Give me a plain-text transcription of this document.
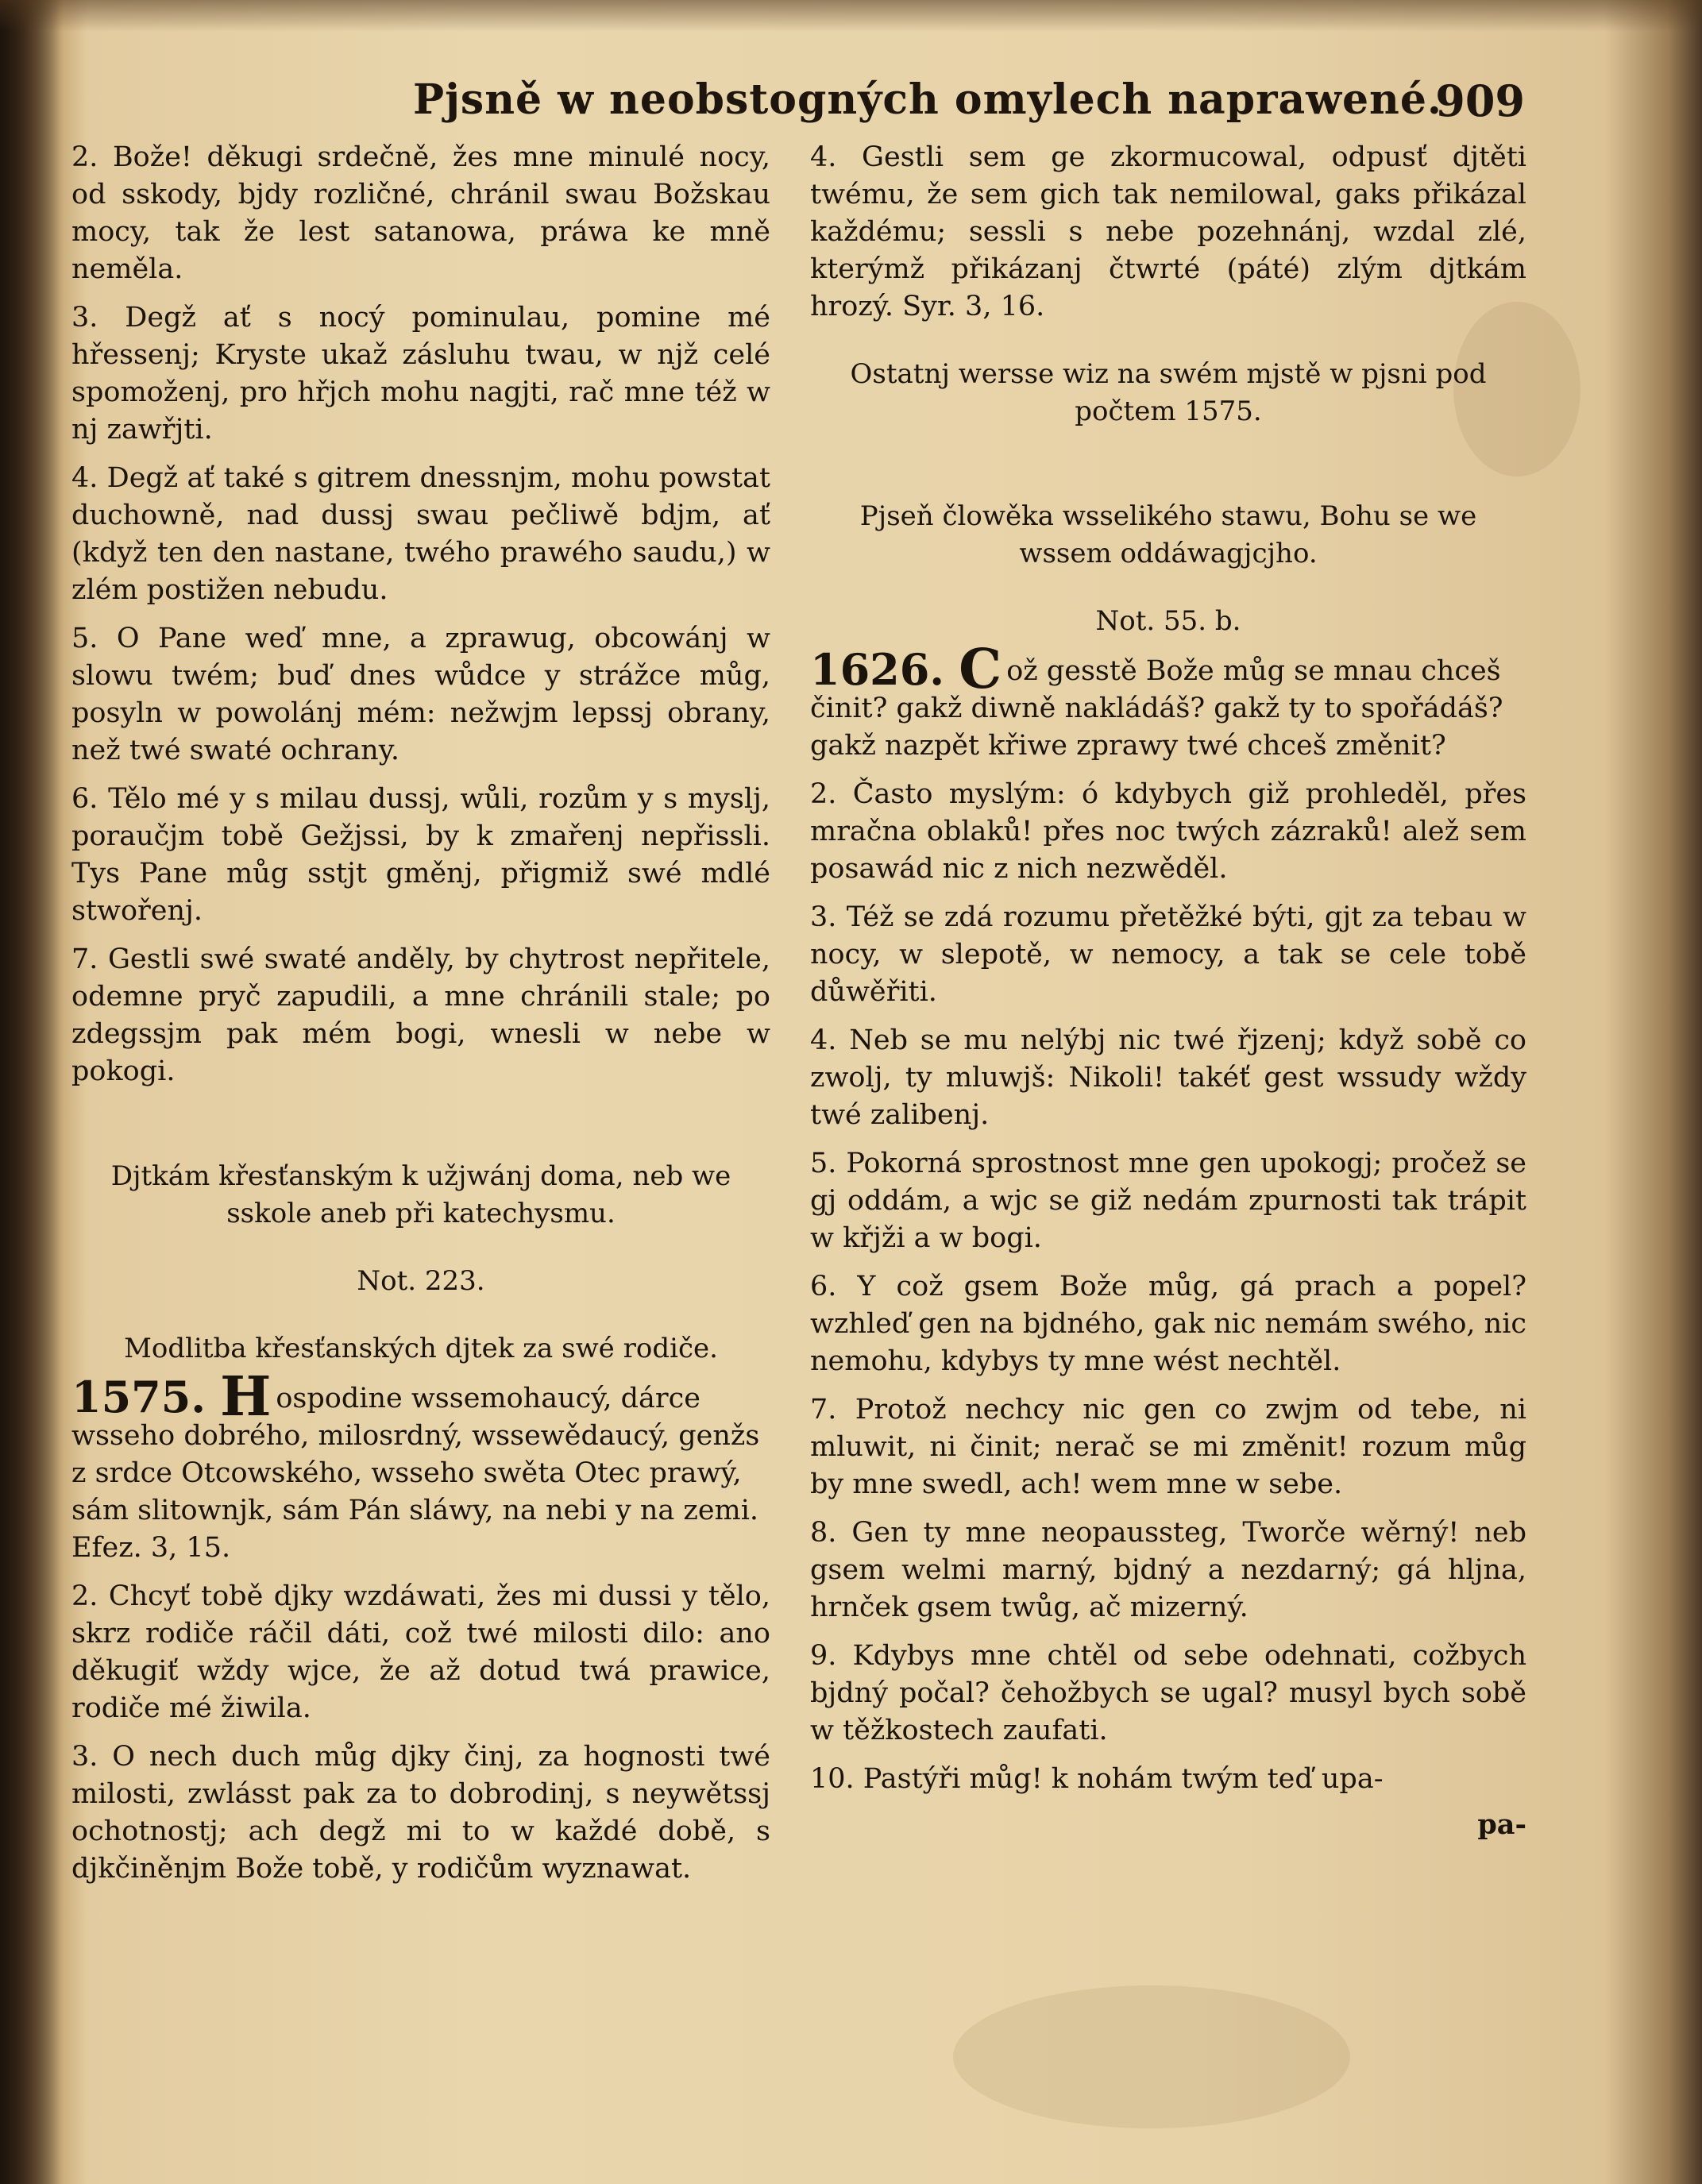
Pjsně w neobstogných omylech naprawené.
909

2. Bože! děkugi srdečně, žes mne minulé nocy, od sskody, bjdy rozličné, chránil swau Božskau mocy, tak že lest satanowa, práwa ke mně neměla.

3. Degž ať s nocý pominulau, pomine mé hřessenj; Kryste ukaž zásluhu twau, w njž celé spomoženj, pro hřjch mohu nagjti, rač mne též w nj zawřjti.

4. Degž ať také s gitrem dnessnjm, mohu powstat duchowně, nad dussj swau pečliwě bdjm, ať (když ten den nastane, twého prawého saudu,) w zlém postižen nebudu.

5. O Pane weď mne, a zprawug, obcowánj w slowu twém; buď dnes wůdce y strážce můg, posyln w powolánj mém: nežwjm lepssj obrany, než twé swaté ochrany.

6. Tělo mé y s milau dussj, wůli, rozům y s myslj, poraučjm tobě Gežjssi, by k zmařenj nepřissli. Tys Pane můg sstjt gměnj, přigmiž swé mdlé stwořenj.

7. Gestli swé swaté anděly, by chytrost nepřitele, odemne pryč zapudili, a mne chránili stale; po zdegssjm pak mém bogi, wnesli w nebe w pokogi.

Djtkám křesťanským k užjwánj doma, neb we sskole aneb při katechysmu.

Not. 223.

Modlitba křesťanských djtek za swé rodiče.

1575. H ospodine wssemohaucý, dárce wsseho dobrého, milosrdný, wssewědaucý, genžs z srdce Otcowského, wsseho swěta Otec prawý, sám slitownjk, sám Pán sláwy, na nebi y na zemi. Efez. 3, 15.

2. Chcyť tobě djky wzdáwati, žes mi dussi y tělo, skrz rodiče ráčil dáti, což twé milosti dilo: ano děkugiť wždy wjce, že až dotud twá prawice, rodiče mé žiwila.

3. O nech duch můg djky činj, za hognosti twé milosti, zwlásst pak za to dobrodinj, s neywětssj ochotnostj; ach degž mi to w každé době, s djkčiněnjm Bože tobě, y rodičům wyznawat.

4. Gestli sem ge zkormucowal, odpusť djtěti twému, že sem gich tak nemilowal, gaks přikázal každému; sessli s nebe pozehnánj, wzdal zlé, kterýmž přikázanj čtwrté (páté) zlým djtkám hrozý. Syr. 3, 16.

Ostatnj wersse wiz na swém mjstě w pjsni pod počtem 1575.

Pjseň člowěka wsselikého stawu, Bohu se we wssem oddáwagjcjho.

Not. 55. b.

1626. C ož gesstě Bože můg se mnau chceš činit? gakž diwně nakládáš? gakž ty to spořádáš? gakž nazpět křiwe zprawy twé chceš změnit?

2. Často myslým: ó kdybych giž prohleděl, přes mračna oblaků! přes noc twých zázraků! alež sem posawád nic z nich nezwěděl.

3. Též se zdá rozumu přetěžké býti, gjt za tebau w nocy, w slepotě, w nemocy, a tak se cele tobě důwěřiti.

4. Neb se mu nelýbj nic twé řjzenj; když sobě co zwolj, ty mluwjš: Nikoli! takéť gest wssudy wždy twé zalibenj.

5. Pokorná sprostnost mne gen upokogj; pročež se gj oddám, a wjc se giž nedám zpurnosti tak trápit w křjži a w bogi.

6. Y což gsem Bože můg, gá prach a popel? wzhleď gen na bjdného, gak nic nemám swého, nic nemohu, kdybys ty mne wést nechtěl.

7. Protož nechcy nic gen co zwjm od tebe, ni mluwit, ni činit; nerač se mi změnit! rozum můg by mne swedl, ach! wem mne w sebe.

8. Gen ty mne neopaussteg, Tworče wěrný! neb gsem welmi marný, bjdný a nezdarný; gá hljna, hrnček gsem twůg, ač mizerný.

9. Kdybys mne chtěl od sebe odehnati, cožbych bjdný počal? čehožbych se ugal? musyl bych sobě w těžkostech zaufati.

10. Pastýři můg! k nohám twým teď upa-

pa-
